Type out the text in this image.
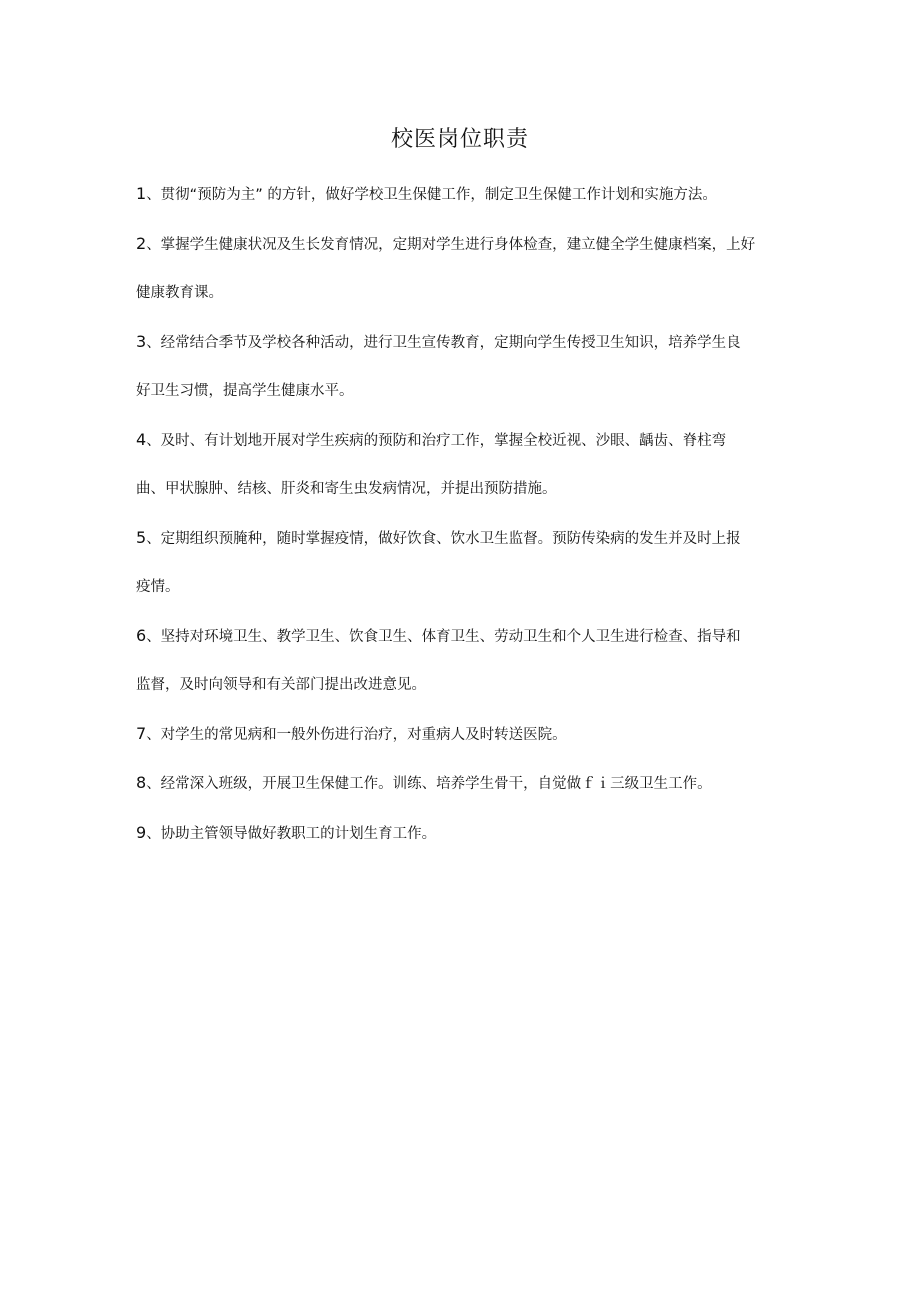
校医岗位职责

1、贯彻“预防为主” 的方针，做好学校卫生保健工作，制定卫生保健工作计划和实施方法。

2、掌握学生健康状况及生长发育情况，定期对学生进行身体检查，建立健全学生健康档案，上好
健康教育课。

3、经常结合季节及学校各种活动，进行卫生宣传教育，定期向学生传授卫生知识，培养学生良
好卫生习惯，提高学生健康水平。

4、及时、有计划地开展对学生疾病的预防和治疗工作，掌握全校近视、沙眼、龋齿、脊柱弯
曲、甲状腺肿、结核、肝炎和寄生虫发病情况，并提出预防措施。

5、定期组织预腌种，随时掌握疫情，做好饮食、饮水卫生监督。预防传染病的发生并及时上报
疫情。

6、坚持对环境卫生、教学卫生、饮食卫生、体育卫生、劳动卫生和个人卫生进行检查、指导和
监督，及时向领导和有关部门提出改进意见。

7、对学生的常见病和一般外伤进行治疗，对重病人及时转送医院。

8、经常深入班级，开展卫生保健工作。训练、培养学生骨干，自觉做ｆｉ三级卫生工作。

9、协助主管领导做好教职工的计划生育工作。
